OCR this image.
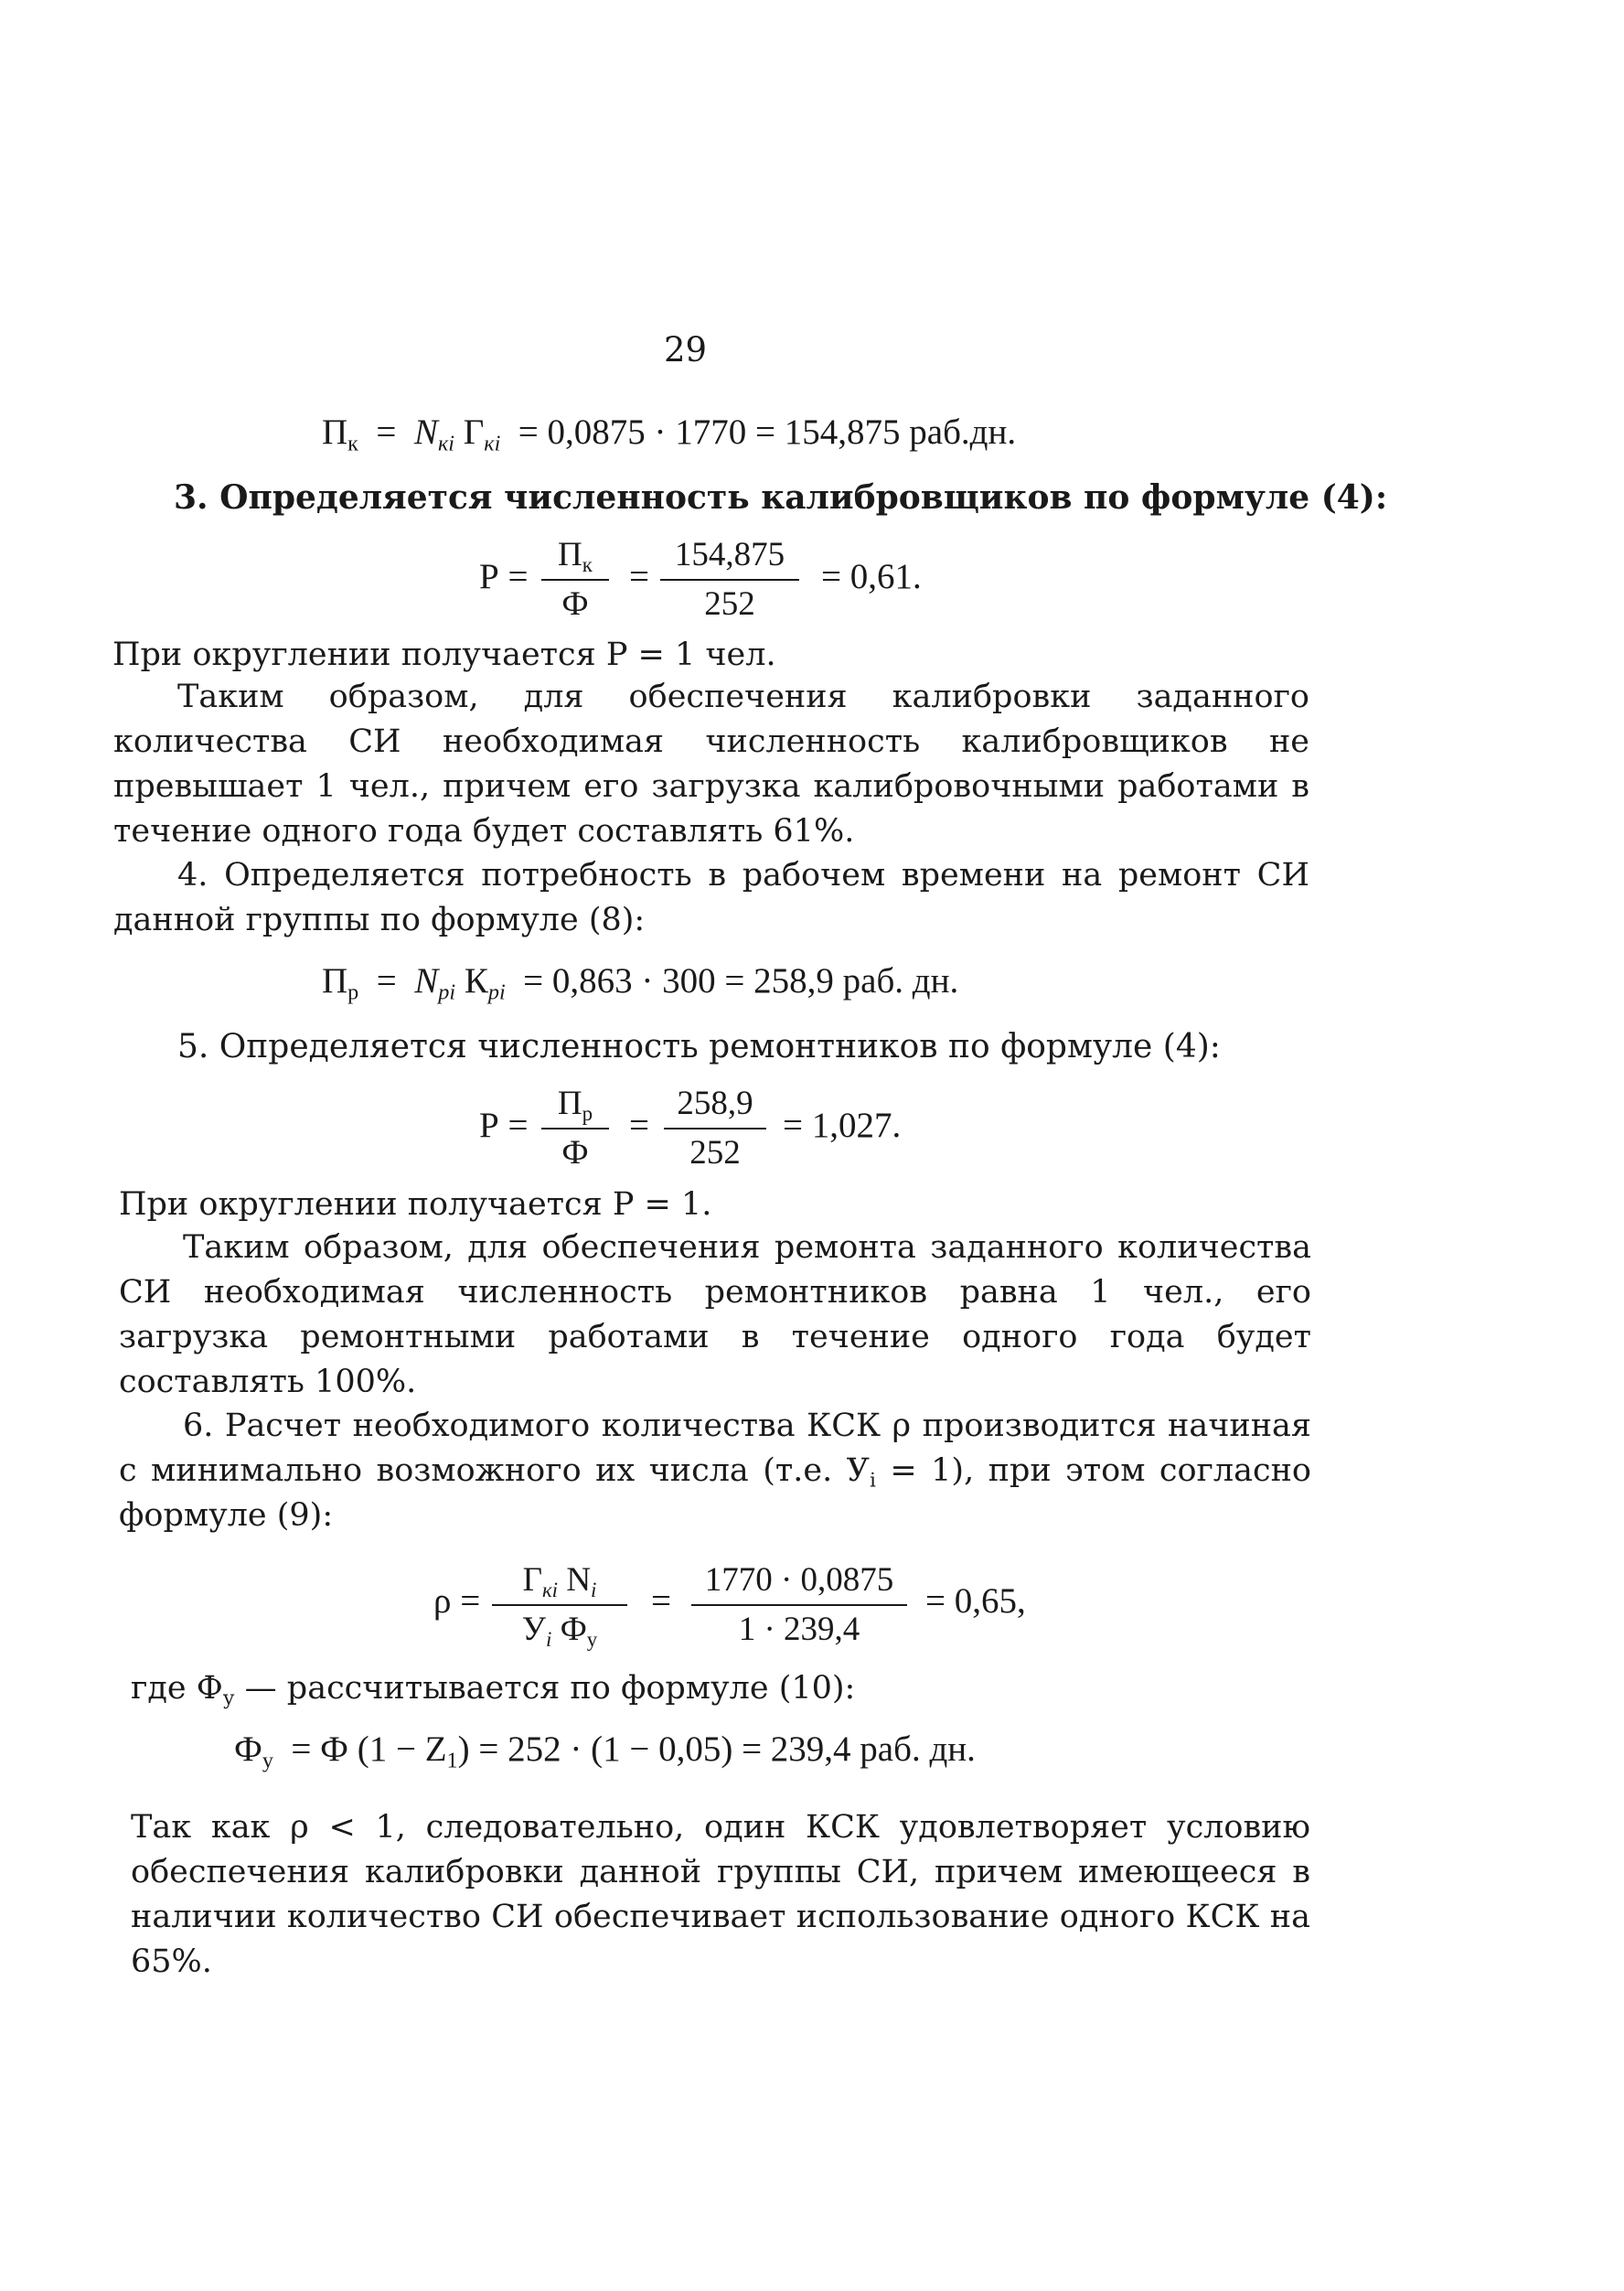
29
$П_к = N_{кi}$ $Г_{кi} = 0,0875 \cdot 1770 = 154,875$ раб.дн.
3. Определяется численность калибровщиков по формуле (4):
Р =
$П_к$
Ф
=
154,875
252
= 0,61.
При округлении получается Р = 1 чел.
Таким образом, для обеспечения калибровки заданного количества СИ необходимая численность калибровщиков не превышает 1 чел., причем его загрузка калибровочными работами в течение одного года будет составлять 61%.
4. Определяется потребность в рабочем времени на ремонт СИ данной группы по формуле (8):
$П_р = N_{рi}$ $К_{рi} = 0,863 \cdot 300 = 258,9$ раб. дн.
5. Определяется численность ремонтников по формуле (4):
Р =
$П_р$
Ф
=
258,9
252
= 1,027.
При округлении получается Р = 1.
Таким образом, для обеспечения ремонта заданного количества СИ необходимая численность ремонтников равна 1 чел., его загрузка ремонтными работами в течение одного года будет составлять 100%.
6. Расчет необходимого количества КСК ρ производится начиная с минимально возможного их числа (т.е. $У_i = 1$), при этом согласно формуле (9):
ρ =
$Г_{кi}$ $N_i$
$У_i$ $Ф_у$
=
1770 · 0,0875
1 · 239,4
= 0,65,
где $Ф_у$ — рассчитывается по формуле (10):
$Ф_у = Ф$ $(1 - Z_1) = 252 \cdot (1 - 0,05) = 239,4$ раб. дн.
Так как ρ < 1, следовательно, один КСК удовлетворяет условию обеспечения калибровки данной группы СИ, причем имеющееся в наличии количество СИ обеспечивает использование одного КСК на 65%.
